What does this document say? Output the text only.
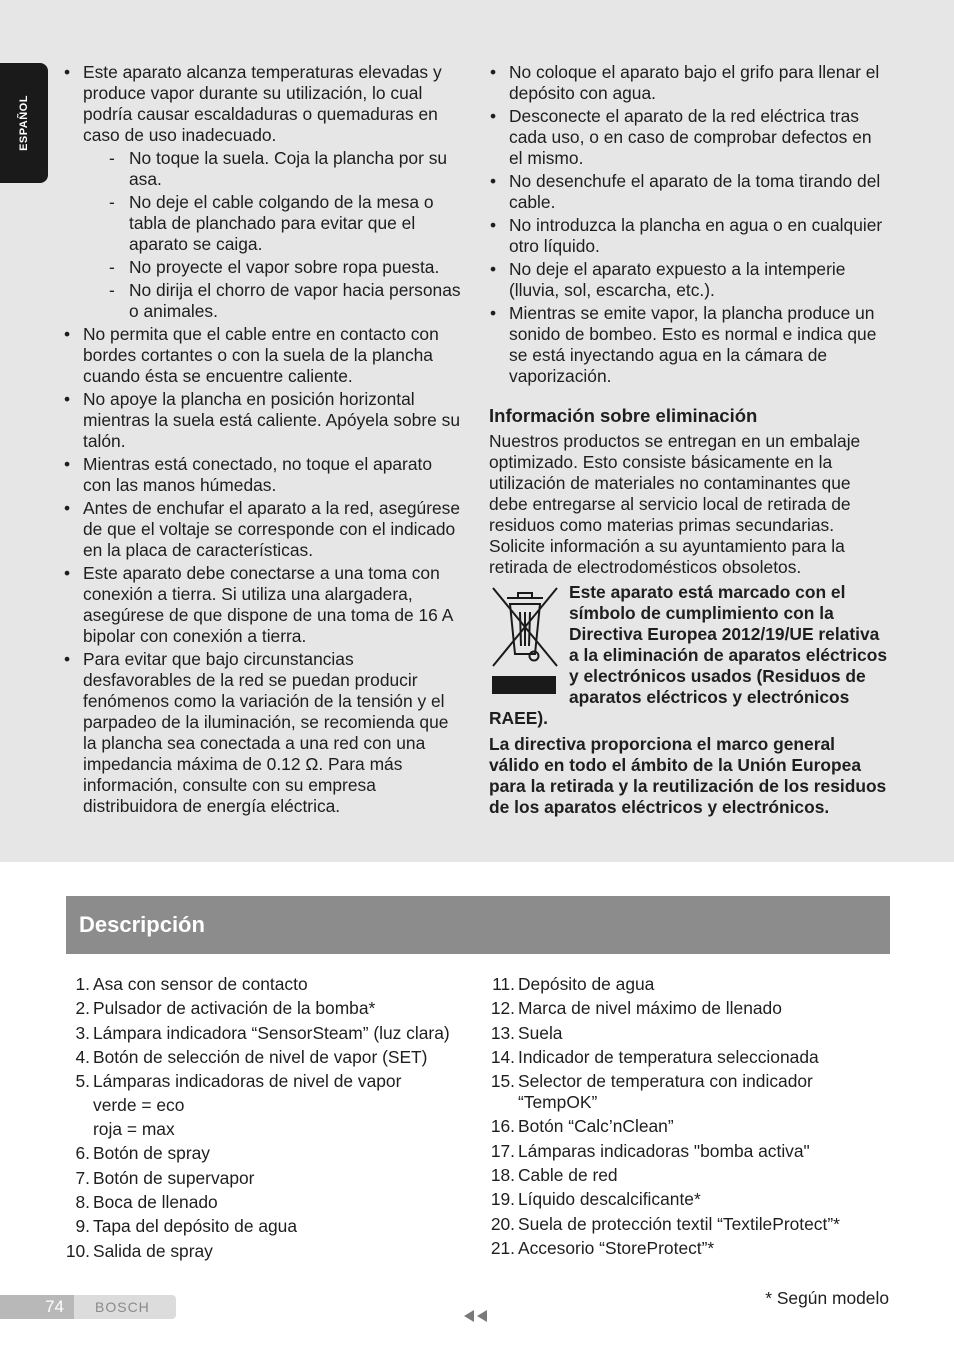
ESPAÑOL
• Este aparato alcanza temperaturas elevadas y produce vapor durante su utilización, lo cual podría causar escaldaduras o quemaduras en caso de uso inadecuado.
- No toque la suela. Coja la plancha por su asa.
- No deje el cable colgando de la mesa o tabla de planchado para evitar que el aparato se caiga.
- No proyecte el vapor sobre ropa puesta.
- No dirija el chorro de vapor hacia personas o animales.
• No permita que el cable entre en contacto con bordes cortantes o con la suela de la plancha cuando ésta se encuentre caliente.
• No apoye la plancha en posición horizontal mientras la suela está caliente. Apóyela sobre su talón.
• Mientras está conectado, no toque el aparato con las manos húmedas.
• Antes de enchufar el aparato a la red, asegúrese de que el voltaje se corresponde con el indicado en la placa de características.
• Este aparato debe conectarse a una toma con conexión a tierra. Si utiliza una alargadera, asegúrese de que dispone de una toma de 16 A bipolar con conexión a tierra.
• Para evitar que bajo circunstancias desfavorables de la red se puedan producir fenómenos como la variación de la tensión y el parpadeo de la iluminación, se recomienda que la plancha sea conectada a una red con una impedancia máxima de 0.12 Ω. Para más información, consulte con su empresa distribuidora de energía eléctrica.
• No coloque el aparato bajo el grifo para llenar el depósito con agua.
• Desconecte el aparato de la red eléctrica tras cada uso, o en caso de comprobar defectos en el mismo.
• No desenchufe el aparato de la toma tirando del cable.
• No introduzca la plancha en agua o en cualquier otro líquido.
• No deje el aparato expuesto a la intemperie (lluvia, sol, escarcha, etc.).
• Mientras se emite vapor, la plancha produce un sonido de bombeo. Esto es normal e indica que se está inyectando agua en la cámara de vaporización.
Información sobre eliminación

Nuestros productos se entregan en un embalaje optimizado. Esto consiste básicamente en la utilización de materiales no contaminantes que debe entregarse al servicio local de retirada de residuos como materias primas secundarias. Solicite información a su ayuntamiento para la retirada de electrodomésticos obsoletos.

Este aparato está marcado con el símbolo de cumplimiento con la Directiva Europea 2012/19/UE relativa a la eliminación de aparatos eléctricos y electrónicos usados (Residuos de aparatos eléctricos y electrónicos RAEE).

La directiva proporciona el marco general válido en todo el ámbito de la Unión Europea para la retirada y la reutilización de los residuos de los aparatos eléctricos y electrónicos.

Descripción
1. Asa con sensor de contacto
2. Pulsador de activación de la bomba*
3. Lámpara indicadora “SensorSteam” (luz clara)
4. Botón de selección de nivel de vapor (SET)
5. Lámparas indicadoras de nivel de vapor
verde = eco
roja = max
6. Botón de spray
7. Botón de supervapor
8. Boca de llenado
9. Tapa del depósito de agua
10. Salida de spray
11. Depósito de agua
12. Marca de nivel máximo de llenado
13. Suela
14. Indicador de temperatura seleccionada
15. Selector de temperatura con indicador “TempOK”
16. Botón “Calc’nClean”
17. Lámparas indicadoras "bomba activa"
18. Cable de red
19. Líquido descalcificante*
20. Suela de protección textil “TextileProtect”*
21. Accesorio “StoreProtect”*
* Según modelo
74	BOSCH
